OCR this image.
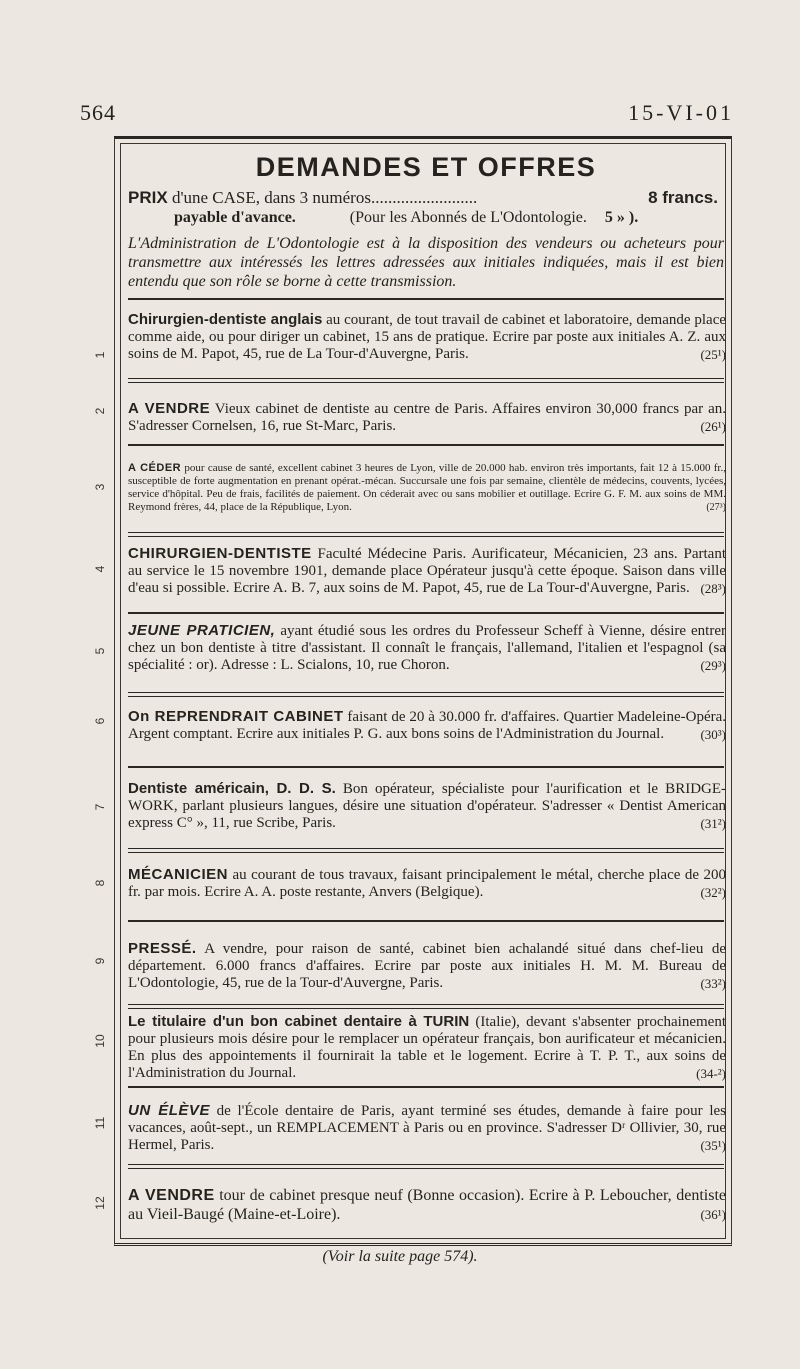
564	15-VI-01
DEMANDES ET OFFRES
PRIX d'une CASE, dans 3 numéros.........................	8 francs.
payable d'avance.	(Pour les Abonnés de L'Odontologie. 5 » ).
L'Administration de L'Odontologie est à la disposition des vendeurs ou acheteurs pour transmettre aux intéressés les lettres adressées aux initiales indiquées, mais il est bien entendu que son rôle se borne à cette transmission.
Chirurgien-dentiste anglais au courant, de tout travail de cabinet et laboratoire, demande place comme aide, ou pour diriger un cabinet, 15 ans de pratique. Ecrire par poste aux initiales A. Z. aux soins de M. Papot, 45, rue de La Tour-d'Auvergne, Paris.	(25¹)
1
A VENDRE Vieux cabinet de dentiste au centre de Paris. Affaires environ 30,000 francs par an. S'adresser Cornelsen, 16, rue St-Marc, Paris.	(26¹)
2
A CÉDER pour cause de santé, excellent cabinet 3 heures de Lyon, ville de 20.000 hab. environ très importants, fait 12 à 15.000 fr., susceptible de forte augmentation en prenant opérat.-mécan. Succursale une fois par semaine, clientèle de médecins, couvents, lycées, service d'hôpital. Peu de frais, facilités de paiement. On céderait avec ou sans mobilier et outillage. Ecrire G. F. M. aux soins de MM. Reymond frères, 44, place de la République, Lyon.	(27³)
3
CHIRURGIEN-DENTISTE Faculté Médecine Paris. Aurificateur, Mécanicien, 23 ans. Partant au service le 15 novembre 1901, demande place Opérateur jusqu'à cette époque. Saison dans ville d'eau si possible. Ecrire A. B. 7, aux soins de M. Papot, 45, rue de La Tour-d'Auvergne, Paris. (28³)
4
JEUNE PRATICIEN, ayant étudié sous les ordres du Professeur Scheff à Vienne, désire entrer chez un bon dentiste à titre d'assistant. Il connaît le français, l'allemand, l'italien et l'espagnol (sa spécialité : or). Adresse : L. Scialons, 10, rue Choron.	(29³)
5
On REPRENDRAIT CABINET faisant de 20 à 30.000 fr. d'affaires. Quartier Madeleine-Opéra. Argent comptant. Ecrire aux initiales P. G. aux bons soins de l'Administration du Journal.	(30³)
6
Dentiste américain, D. D. S. Bon opérateur, spécialiste pour l'aurification et le BRIDGE-WORK, parlant plusieurs langues, désire une situation d'opérateur. S'adresser « Dentist American express C° », 11, rue Scribe, Paris.	(31²)
7
MÉCANICIEN au courant de tous travaux, faisant principalement le métal, cherche place de 200 fr. par mois. Ecrire A. A. poste restante, Anvers (Belgique).	(32²)
8
PRESSÉ. A vendre, pour raison de santé, cabinet bien achalandé situé dans chef-lieu de département. 6.000 francs d'affaires. Ecrire par poste aux initiales H. M. M. Bureau de L'Odontologie, 45, rue de la Tour-d'Auvergne, Paris.	(33²)
9
Le titulaire d'un bon cabinet dentaire à TURIN (Italie), devant s'absenter prochainement pour plusieurs mois désire pour le remplacer un opérateur français, bon aurificateur et mécanicien. En plus des appointements il fournirait la table et le logement. Ecrire à T. P. T., aux soins de l'Administration du Journal.	(34-²)
10
UN ÉLÈVE de l'École dentaire de Paris, ayant terminé ses études, demande à faire pour les vacances, août-sept., un REMPLACEMENT à Paris ou en province. S'adresser Dʳ Ollivier, 30, rue Hermel, Paris.	(35¹)
11
A VENDRE tour de cabinet presque neuf (Bonne occasion). Ecrire à P. Leboucher, dentiste au Vieil-Baugé (Maine-et-Loire).	(36¹)
12
(Voir la suite page 574).
